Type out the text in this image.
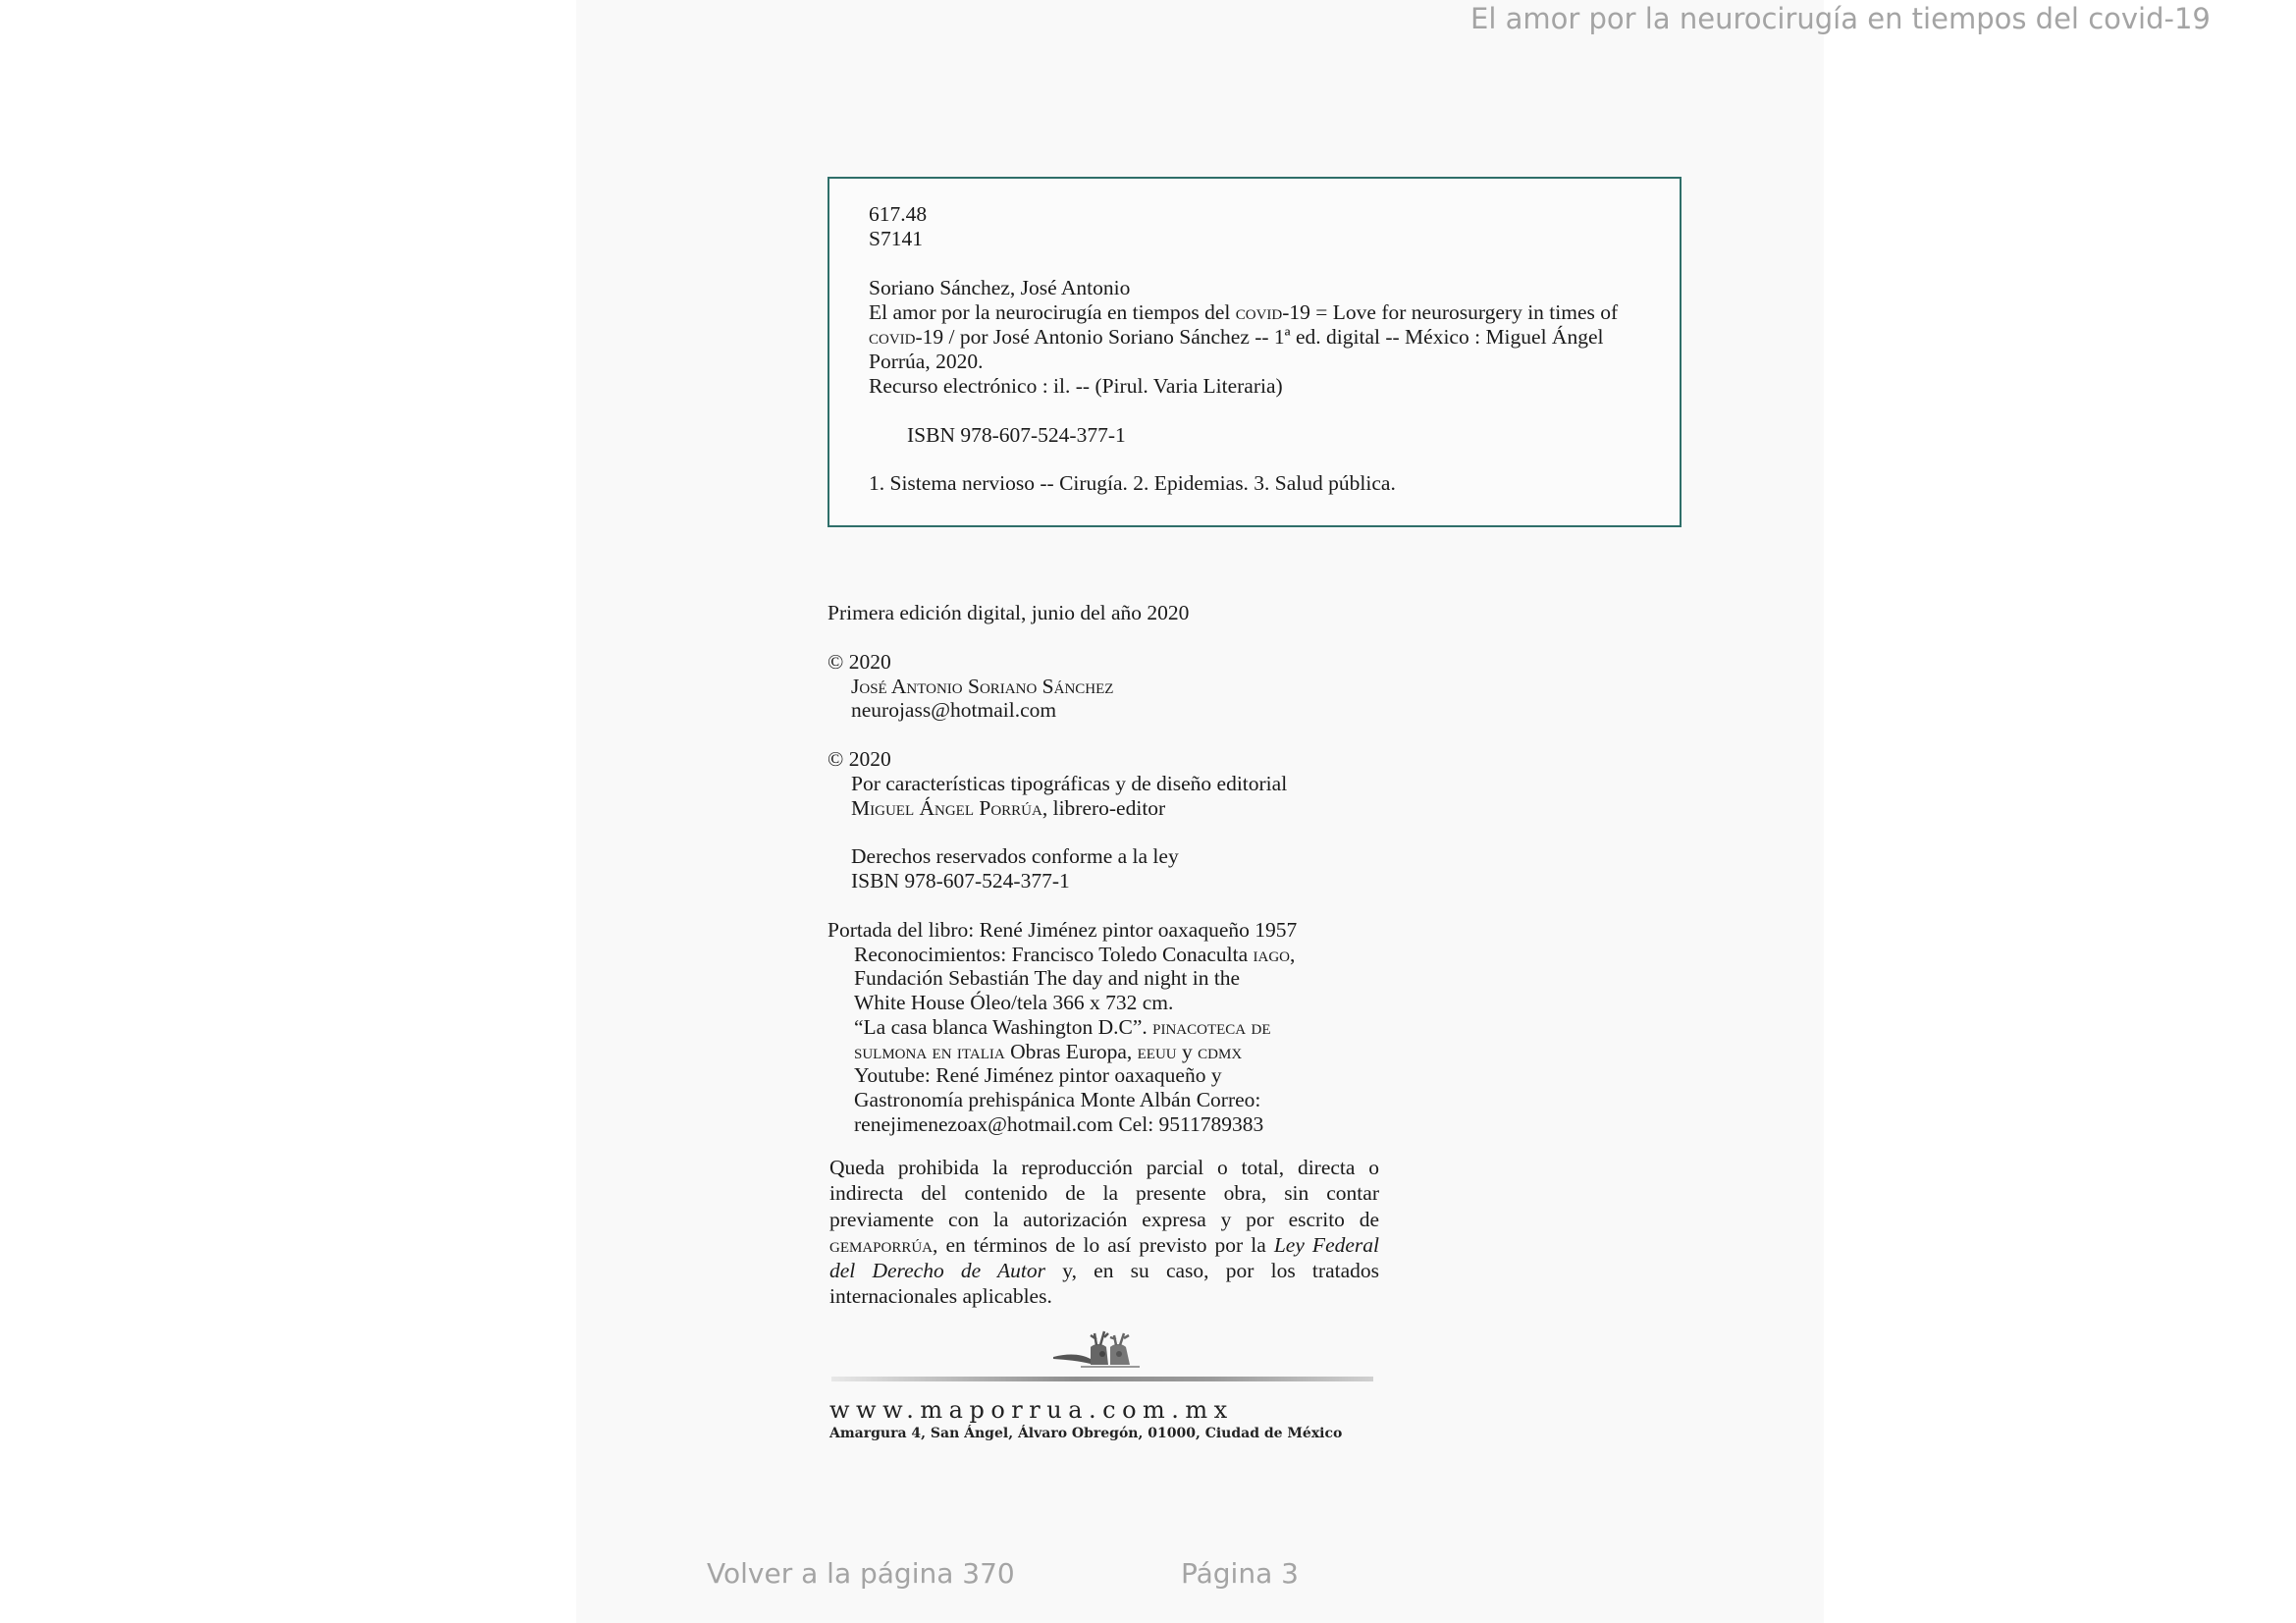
El amor por la neurocirugía en tiempos del covid-19
617.48
S7141
Soriano Sánchez, José Antonio
El amor por la neurocirugía en tiempos del covid-19 = Love for neurosurgery in times of covid-19 / por José Antonio Soriano Sánchez -- 1ª ed. digital -- México : Miguel Ángel Porrúa, 2020.
Recurso electrónico : il. -- (Pirul. Varia Literaria)
ISBN 978-607-524-377-1
1. Sistema nervioso -- Cirugía. 2. Epidemias. 3. Salud pública.
Primera edición digital, junio del año 2020
© 2020
José Antonio Soriano Sánchez
neurojass@hotmail.com
© 2020
Por características tipográficas y de diseño editorial
Miguel Ángel Porrúa, librero-editor
Derechos reservados conforme a la ley
ISBN 978-607-524-377-1
Portada del libro: René Jiménez pintor oaxaqueño 1957
Reconocimientos: Francisco Toledo Conaculta iago,
Fundación Sebastián The day and night in the
White House Óleo/tela 366 x 732 cm.
“La casa blanca Washington D.C”. pinacoteca de
sulmona en italia Obras Europa, eeuu y cdmx
Youtube: René Jiménez pintor oaxaqueño y
Gastronomía prehispánica Monte Albán Correo:
renejimenezoax@hotmail.com Cel: 9511789383
Queda prohibida la reproducción parcial o total, directa o indirecta del contenido de la presente obra, sin contar previamente con la autorización expresa y por escrito de gemaporrúa, en términos de lo así previsto por la Ley Federal del Derecho de Autor y, en su caso, por los tratados internacionales aplicables.
www.maporrua.com.mx
Amargura 4, San Ángel, Álvaro Obregón, 01000, Ciudad de México
Volver a la página 370	Página 3
